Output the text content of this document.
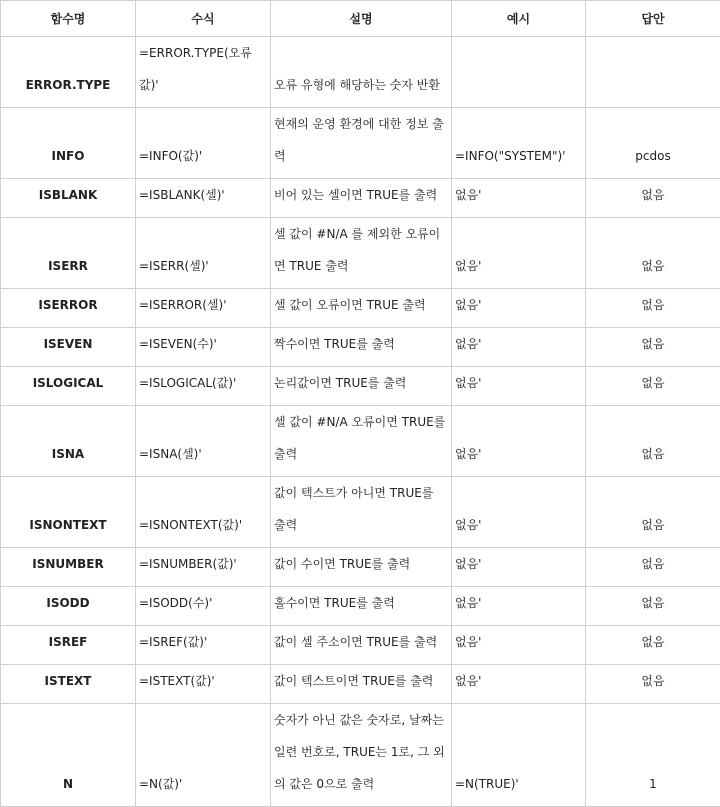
함수명	수식	설명	예시	답안
ERROR.TYPE	=ERROR.TYPE(오류값)'	오류 유형에 해당하는 숫자 반환		
INFO	=INFO(값)'	현재의 운영 환경에 대한 정보 출력	=INFO("SYSTEM")'	pcdos
ISBLANK	=ISBLANK(셀)'	비어 있는 셀이면 TRUE를 출력	없음'	없음
ISERR	=ISERR(셀)'	셀 값이 #N/A 를 제외한 오류이면 TRUE 출력	없음'	없음
ISERROR	=ISERROR(셀)'	셀 값이 오류이면 TRUE 출력	없음'	없음
ISEVEN	=ISEVEN(수)'	짝수이면 TRUE를 출력	없음'	없음
ISLOGICAL	=ISLOGICAL(값)'	논리값이면 TRUE를 출력	없음'	없음
ISNA	=ISNA(셀)'	셀 값이 #N/A 오류이면 TRUE를 출력	없음'	없음
ISNONTEXT	=ISNONTEXT(값)'	값이 텍스트가 아니면 TRUE를 출력	없음'	없음
ISNUMBER	=ISNUMBER(값)'	값이 수이면 TRUE를 출력	없음'	없음
ISODD	=ISODD(수)'	홀수이면 TRUE를 출력	없음'	없음
ISREF	=ISREF(값)'	값이 셀 주소이면 TRUE를 출력	없음'	없음
ISTEXT	=ISTEXT(값)'	값이 텍스트이면 TRUE를 출력	없음'	없음
N	=N(값)'	숫자가 아닌 값은 숫자로, 날짜는 일련 번호로, TRUE는 1로, 그 외의 값은 0으로 출력	=N(TRUE)'	1
